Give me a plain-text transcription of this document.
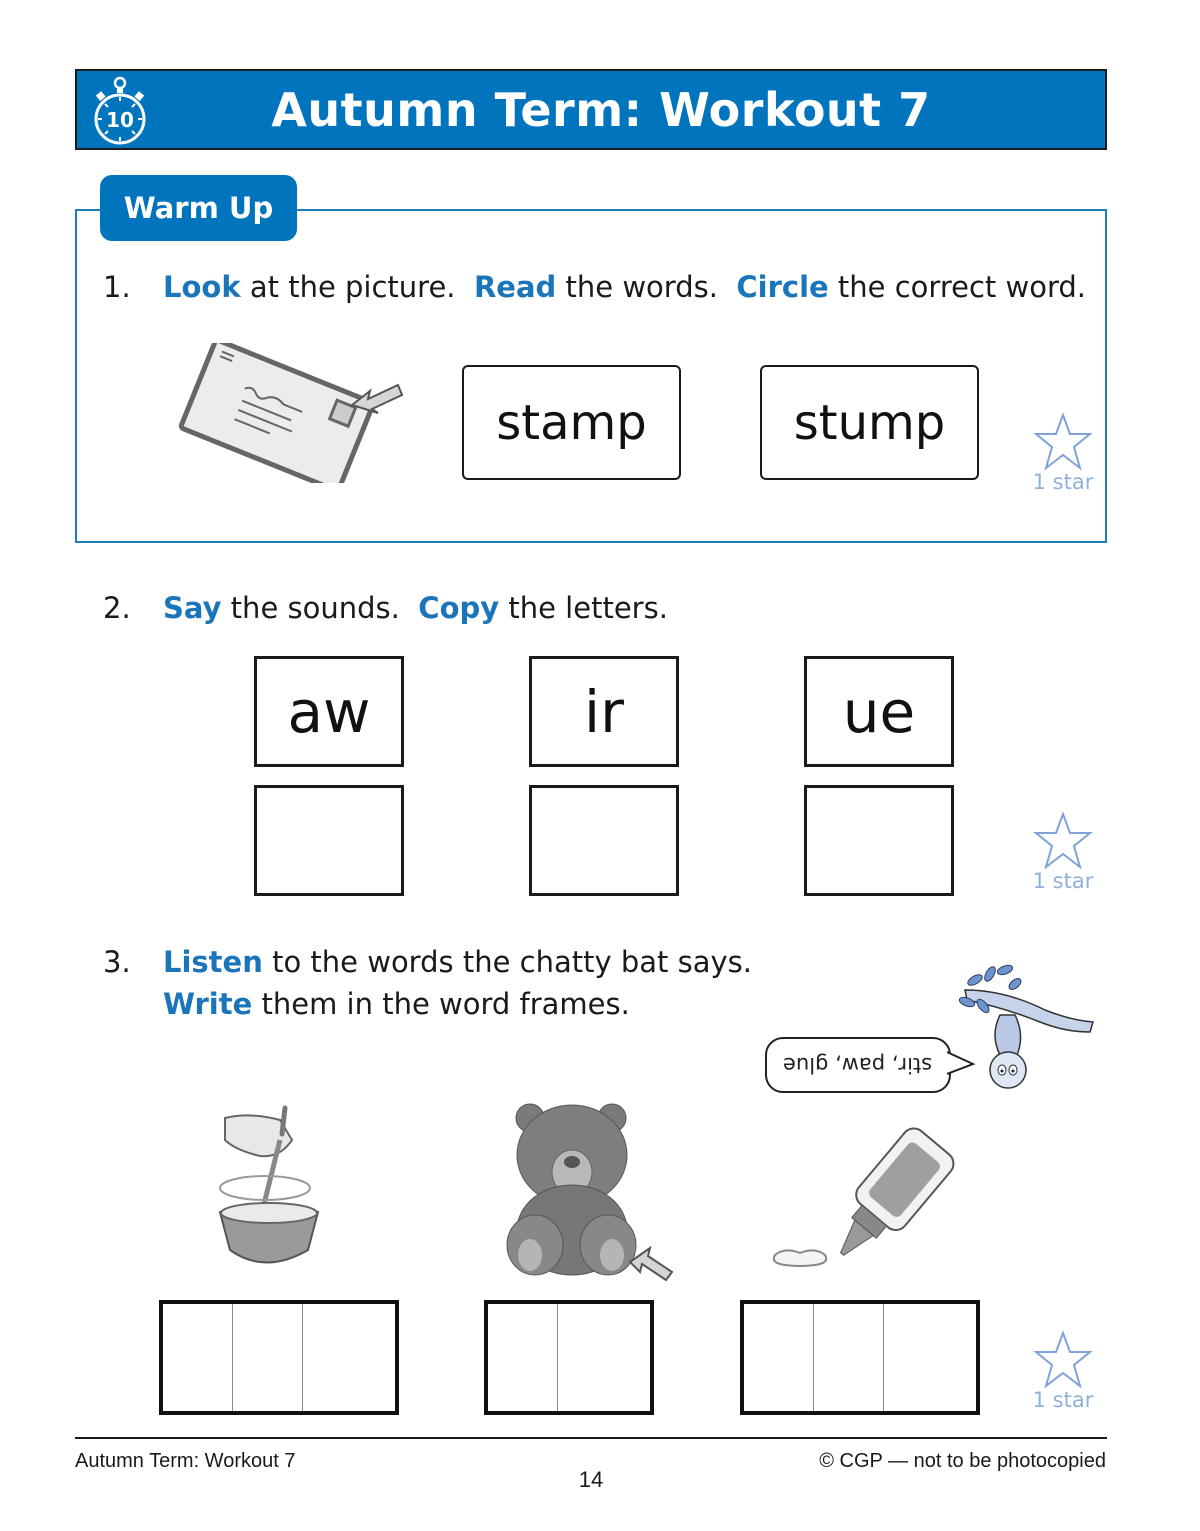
10	Autumn Term: Workout 7
Warm Up
1. Look at the picture.  Read the words.  Circle the correct word.
stamp	stump
1 star
2. Say the sounds.  Copy the letters.
aw	ir	ue
1 star
3. Listen to the words the chatty bat says.
Write them in the word frames.
stir, paw, glue
1 star
Autumn Term: Workout 7
14
© CGP — not to be photocopied
